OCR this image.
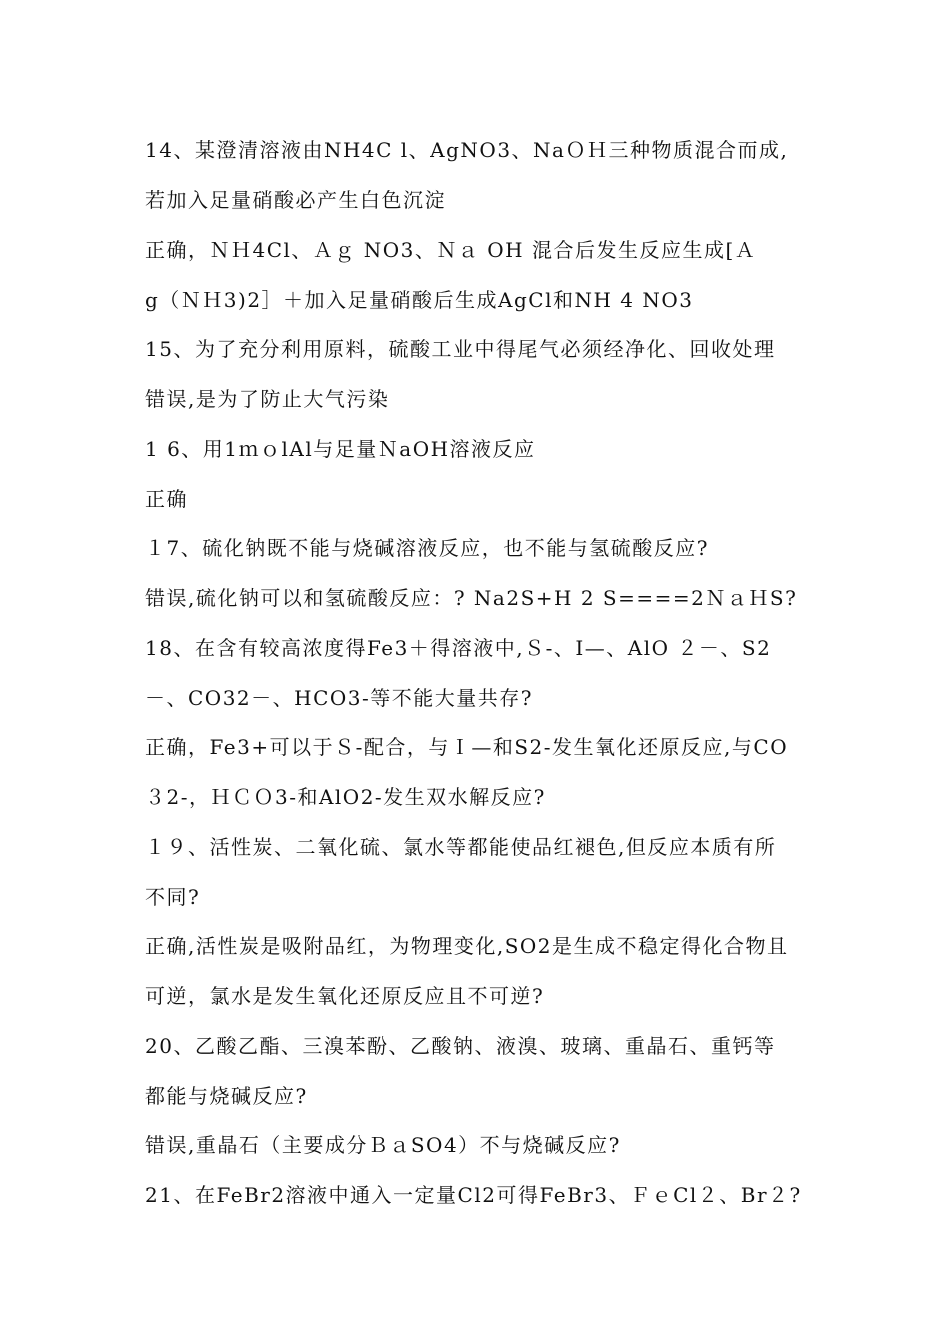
14、某澄清溶液由NH4C l、AgNO3、NaＯＨ三种物质混合而成,
若加入足量硝酸必产生白色沉淀
正确，ＮＨ4Cl、Ａｇ NO3、Ｎａ OH 混合后发生反应生成[Ａ
g（ＮＨ3)2］＋加入足量硝酸后生成AgCl和NH 4 NO3
15、为了充分利用原料，硫酸工业中得尾气必须经净化、回收处理
错误,是为了防止大气污染
1 6、用1ｍｏlAl与足量ＮaOH溶液反应
正确
１7、硫化钠既不能与烧碱溶液反应，也不能与氢硫酸反应?
错误,硫化钠可以和氢硫酸反应：? Na2S+H 2 S====2ＮａＨS?
18、在含有较高浓度得Fe3＋得溶液中,Ｓ-、I—、AlO ２－、S2
－、CO32－、HCO3-等不能大量共存?
正确，Fe3+可以于Ｓ-配合，与Ｉ—和S2-发生氧化还原反应,与CO
３2-，ＨＣＯ3-和AlO2-发生双水解反应?
１９、活性炭、二氧化硫、氯水等都能使品红褪色,但反应本质有所
不同?
正确,活性炭是吸附品红，为物理变化,SO2是生成不稳定得化合物且
可逆，氯水是发生氧化还原反应且不可逆?
20、乙酸乙酯、三溴苯酚、乙酸钠、液溴、玻璃、重晶石、重钙等
都能与烧碱反应?
错误,重晶石（主要成分ＢａSO4）不与烧碱反应?
21、在FeBr2溶液中通入一定量Cl2可得FeBr3、ＦｅCl２、Br２?
